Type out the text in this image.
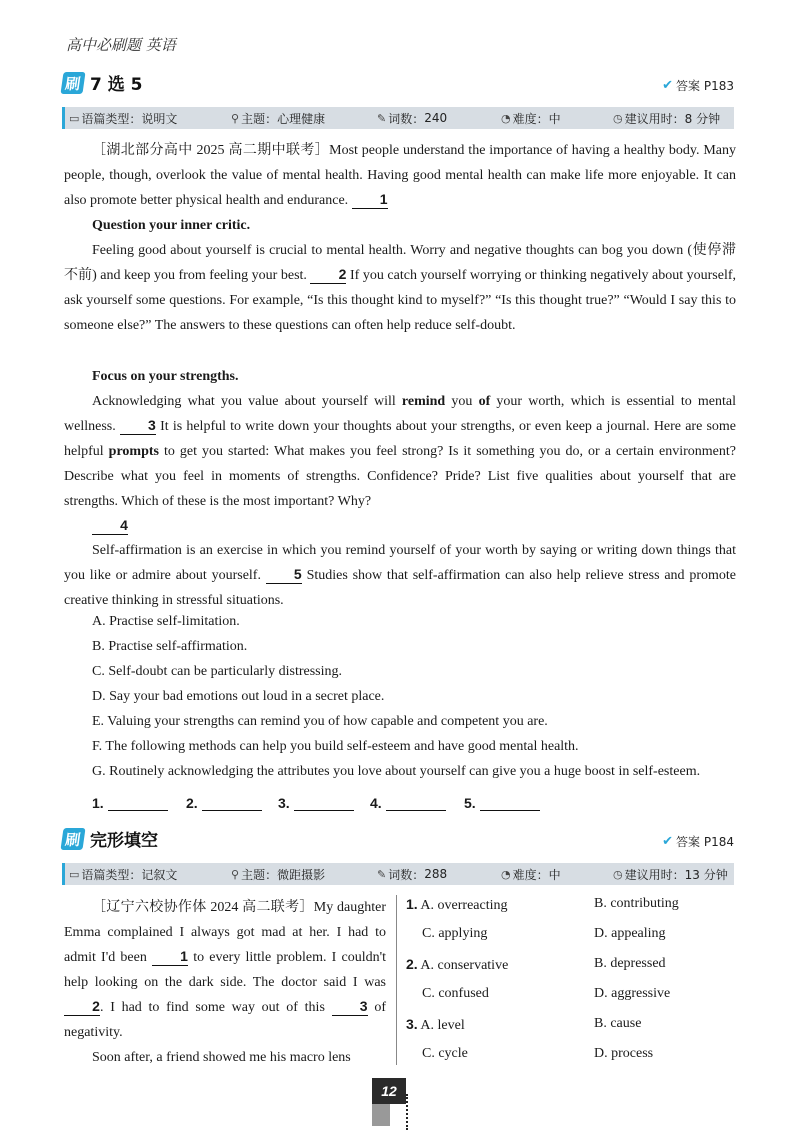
高中必刷题 英语
刷 7 选 5	✔ 答案 P183
▭ 语篇类型： 说明文	⚲ 主题： 心理健康	✎ 词数： 240	◔ 难度： 中	◷ 建议用时： 8 分钟
［湖北部分高中 2025 高二期中联考］Most people understand the importance of having a healthy body. Many people, though, overlook the value of mental health. Having good mental health can make life more enjoyable. It can also promote better physical health and endurance. 1
Question your inner critic.
Feeling good about yourself is crucial to mental health. Worry and negative thoughts can bog you down (使停滞不前) and keep you from feeling your best. 2 If you catch yourself worrying or thinking negatively about yourself, ask yourself some questions. For example, “Is this thought kind to myself?” “Is this thought true?” “Would I say this to someone else?” The answers to these questions can often help reduce self-doubt.
Focus on your strengths.
Acknowledging what you value about yourself will remind you of your worth, which is essential to mental wellness. 3 It is helpful to write down your thoughts about your strengths, or even keep a journal. Here are some helpful prompts to get you started: What makes you feel strong? Is it something you do, or a certain environment? Describe what you feel in moments of strengths. Confidence? Pride? List five qualities about yourself that are strengths. Which of these is the most important? Why?
4
Self-affirmation is an exercise in which you remind yourself of your worth by saying or writing down things that you like or admire about yourself. 5 Studies show that self-affirmation can also help relieve stress and promote creative thinking in stressful situations.
A. Practise self-limitation.
B. Practise self-affirmation.
C. Self-doubt can be particularly distressing.
D. Say your bad emotions out loud in a secret place.
E. Valuing your strengths can remind you of how capable and competent you are.
F. The following methods can help you build self-esteem and have good mental health.
G. Routinely acknowledging the attributes you love about yourself can give you a huge boost in self-esteem.
1.	2.	3.	4.	5.
刷 完形填空	✔ 答案 P184
▭ 语篇类型： 记叙文	⚲ 主题： 微距摄影	✎ 词数： 288	◔ 难度： 中	◷ 建议用时： 13 分钟
［辽宁六校协作体 2024 高二联考］My daughter Emma complained I always got mad at her. I had to admit I'd been 1 to every little problem. I couldn't help looking on the dark side. The doctor said I was 2. I had to find some way out of this 3 of negativity.
Soon after, a friend showed me his macro lens
1. A. overreacting	B. contributing
C. applying	D. appealing
2. A. conservative	B. depressed
C. confused	D. aggressive
3. A. level	B. cause
C. cycle	D. process
12
